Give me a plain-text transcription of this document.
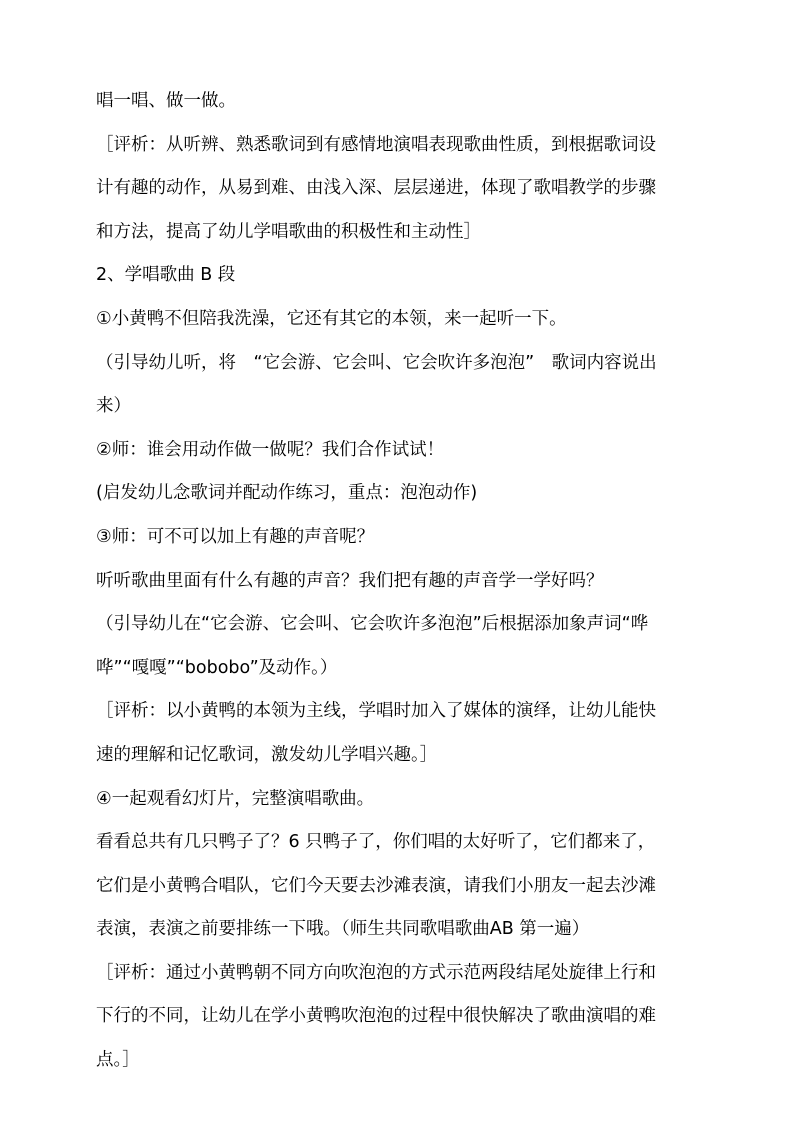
唱一唱、做一做。
［评析：从听辨、熟悉歌词到有感情地演唱表现歌曲性质，到根据歌词设
计有趣的动作，从易到难、由浅入深、层层递进，体现了歌唱教学的步骤
和方法，提高了幼儿学唱歌曲的积极性和主动性］
2、学唱歌曲 B 段
①小黄鸭不但陪我洗澡，它还有其它的本领，来一起听一下。
（引导幼儿听，将　“它会游、它会叫、它会吹许多泡泡”　歌词内容说出
来）
②师：谁会用动作做一做呢？我们合作试试！
(启发幼儿念歌词并配动作练习，重点：泡泡动作)
③师：可不可以加上有趣的声音呢？
听听歌曲里面有什么有趣的声音？我们把有趣的声音学一学好吗？
（引导幼儿在“它会游、它会叫、它会吹许多泡泡”后根据添加象声词“哗
哗”“嘎嘎”“bobobo”及动作。）
［评析：以小黄鸭的本领为主线，学唱时加入了媒体的演绎，让幼儿能快
速的理解和记忆歌词，激发幼儿学唱兴趣。］
④一起观看幻灯片，完整演唱歌曲。
看看总共有几只鸭子了？6 只鸭子了，你们唱的太好听了，它们都来了，
它们是小黄鸭合唱队，它们今天要去沙滩表演，请我们小朋友一起去沙滩
表演，表演之前要排练一下哦。（师生共同歌唱歌曲AB 第一遍）
［评析：通过小黄鸭朝不同方向吹泡泡的方式示范两段结尾处旋律上行和
下行的不同，让幼儿在学小黄鸭吹泡泡的过程中很快解决了歌曲演唱的难
点。］
